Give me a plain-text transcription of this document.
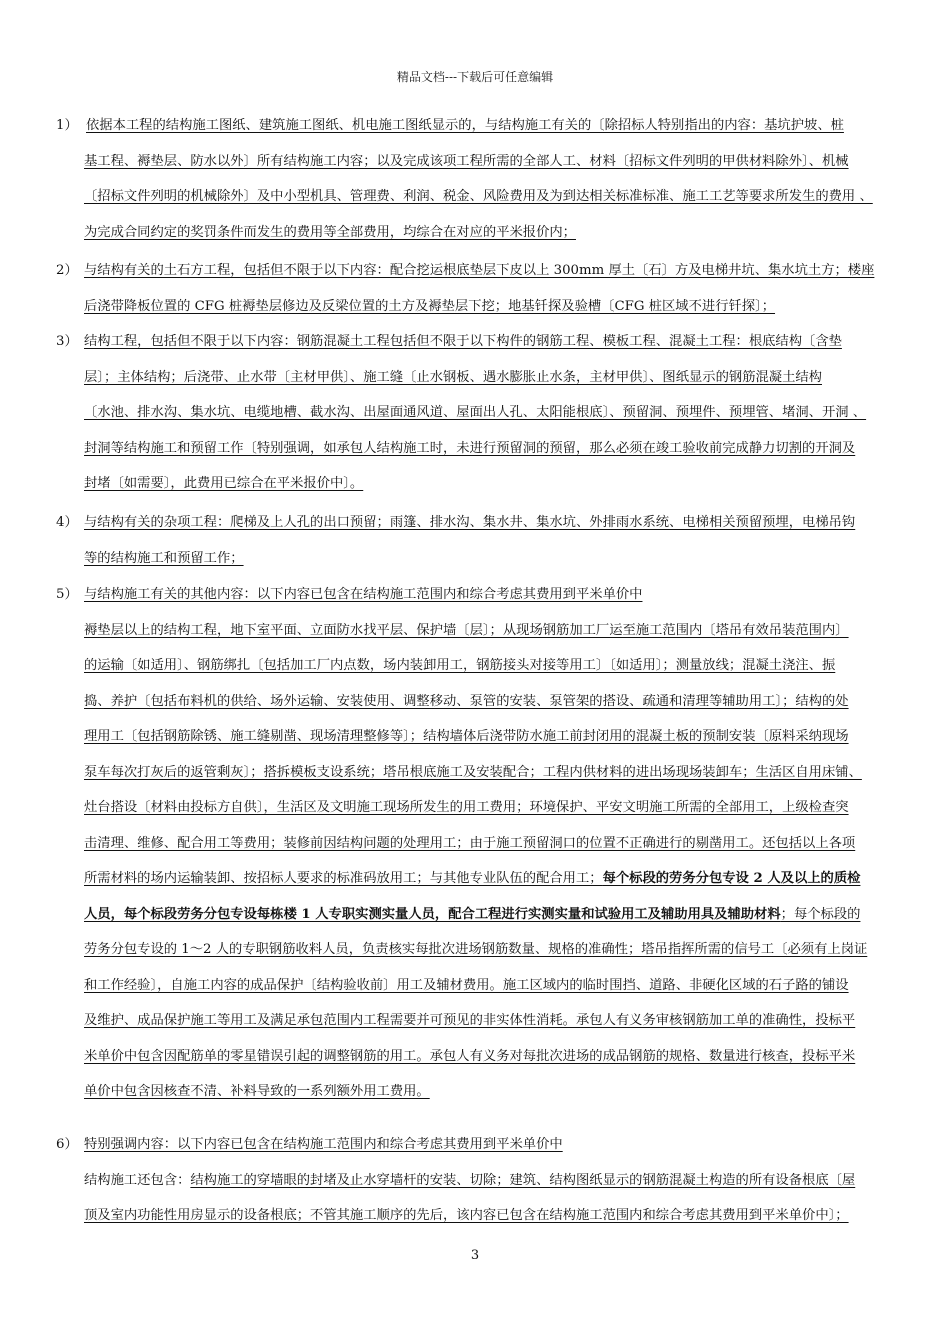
精品文档---下载后可任意编辑
1） 依据本工程的结构施工图纸、建筑施工图纸、机电施工图纸显示的，与结构施工有关的〔除招标人特别指出的内容：基坑护坡、桩
基工程、褥垫层、防水以外〕所有结构施工内容；以及完成该项工程所需的全部人工、材料〔招标文件列明的甲供材料除外〕、机械
〔招标文件列明的机械除外〕及中小型机具、管理费、利润、税金、风险费用及为到达相关标准标准、施工工艺等要求所发生的费用 、
为完成合同约定的奖罚条件而发生的费用等全部费用，均综合在对应的平米报价内；
2） 与结构有关的土石方工程，包括但不限于以下内容：配合挖运根底垫层下皮以上 300mm 厚土〔石〕方及电梯井坑、集水坑土方；楼座
后浇带降板位置的 CFG 桩褥垫层修边及反梁位置的土方及褥垫层下挖；地基钎探及验槽〔CFG 桩区域不进行钎探〕；
3） 结构工程，包括但不限于以下内容：钢筋混凝土工程包括但不限于以下构件的钢筋工程、模板工程、混凝土工程：根底结构〔含垫
层〕；主体结构；后浇带、止水带〔主材甲供〕、施工缝〔止水钢板、遇水膨胀止水条，主材甲供〕、图纸显示的钢筋混凝土结构
〔水池、排水沟、集水坑、电缆地槽、截水沟、出屋面通风道、屋面出人孔、太阳能根底〕、预留洞、预埋件、预埋管、堵洞、开洞 、
封洞等结构施工和预留工作〔特别强调，如承包人结构施工时，未进行预留洞的预留，那么必须在竣工验收前完成静力切割的开洞及
封堵〔如需要〕，此费用已综合在平米报价中〕。
4） 与结构有关的杂项工程：爬梯及上人孔的出口预留；雨篷、排水沟、集水井、集水坑、外排雨水系统、电梯相关预留预埋，电梯吊钩
等的结构施工和预留工作；
5） 与结构施工有关的其他内容：以下内容已包含在结构施工范围内和综合考虑其费用到平米单价中
褥垫层以上的结构工程，地下室平面、立面防水找平层、保护墙〔层〕；从现场钢筋加工厂运至施工范围内〔塔吊有效吊装范围内〕
的运输〔如适用〕、钢筋绑扎〔包括加工厂内点数，场内装卸用工，钢筋接头对接等用工〕〔如适用〕；测量放线；混凝土浇注、振
捣、养护〔包括布料机的供给、场外运输、安装使用、调整移动、泵管的安装、泵管架的搭设、疏通和清理等辅助用工〕；结构的处
理用工〔包括钢筋除锈、施工缝剔凿、现场清理整修等〕；结构墙体后浇带防水施工前封闭用的混凝土板的预制安装〔原料采纳现场
泵车每次打灰后的返管剩灰〕；搭拆模板支设系统；塔吊根底施工及安装配合；工程内供材料的进出场现场装卸车；生活区自用床铺、
灶台搭设〔材料由投标方自供〕，生活区及文明施工现场所发生的用工费用；环境保护、平安文明施工所需的全部用工，上级检查突
击清理、维修、配合用工等费用；装修前因结构问题的处理用工；由于施工预留洞口的位置不正确进行的剔凿用工。还包括以上各项
所需材料的场内运输装卸、按招标人要求的标准码放用工；与其他专业队伍的配合用工；每个标段的劳务分包专设 2 人及以上的质检
人员，每个标段劳务分包专设每栋楼 1 人专职实测实量人员，配合工程进行实测实量和试验用工及辅助用具及辅助材料；每个标段的
劳务分包专设的 1～2 人的专职钢筋收料人员，负责核实每批次进场钢筋数量、规格的准确性；塔吊指挥所需的信号工〔必须有上岗证
和工作经验〕，自施工内容的成品保护〔结构验收前〕用工及辅材费用。施工区域内的临时围挡、道路、非硬化区域的石子路的铺设
及维护、成品保护施工等用工及满足承包范围内工程需要并可预见的非实体性消耗。承包人有义务审核钢筋加工单的准确性，投标平
米单价中包含因配筋单的零星错误引起的调整钢筋的用工。承包人有义务对每批次进场的成品钢筋的规格、数量进行核查，投标平米
单价中包含因核查不清、补料导致的一系列额外用工费用。
6） 特别强调内容：以下内容已包含在结构施工范围内和综合考虑其费用到平米单价中
结构施工还包含：结构施工的穿墙眼的封堵及止水穿墙杆的安装、切除；建筑、结构图纸显示的钢筋混凝土构造的所有设备根底〔屋
顶及室内功能性用房显示的设备根底；不管其施工顺序的先后，该内容已包含在结构施工范围内和综合考虑其费用到平米单价中〕；
3
